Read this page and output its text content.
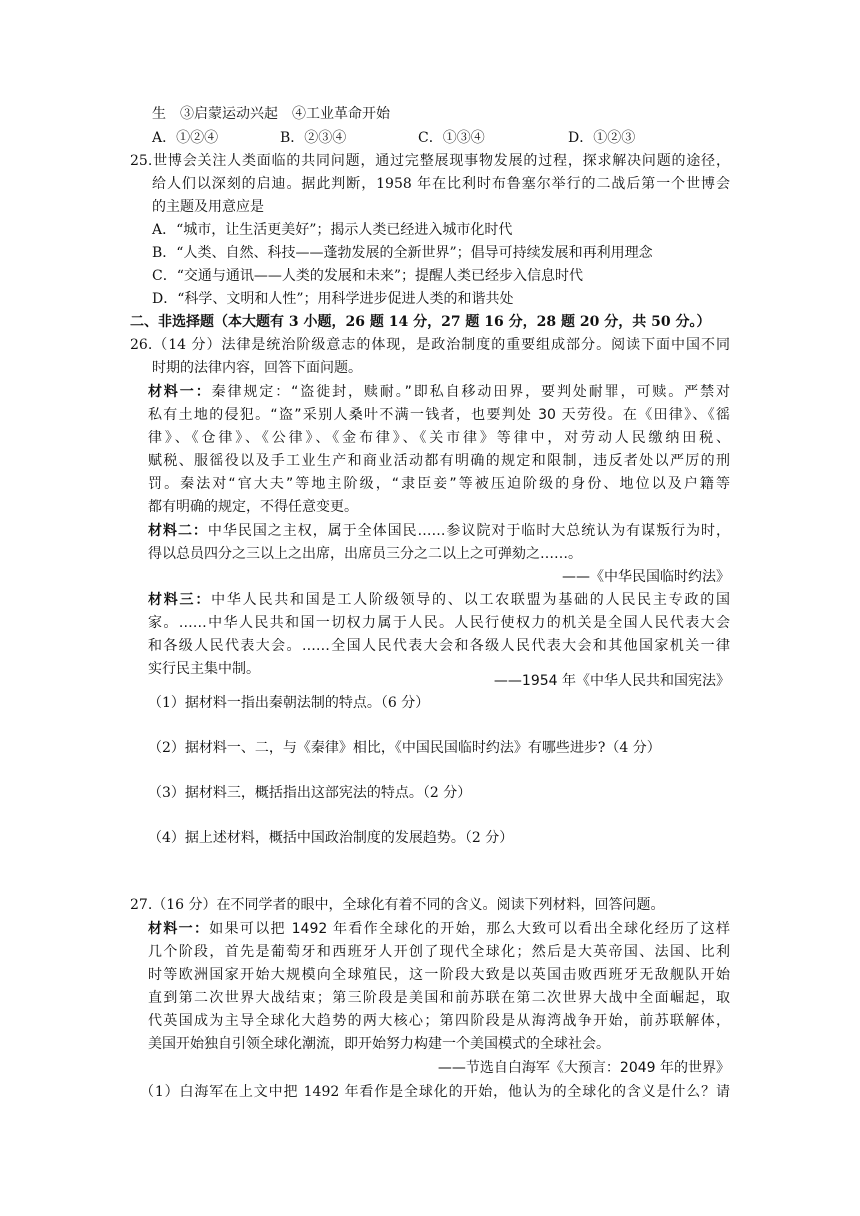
生　③启蒙运动兴起　④工业革命开始
A．①②④	B．②③④	C．①③④	D．①②③
25.世博会关注人类面临的共同问题，通过完整展现事物发展的过程，探求解决问题的途径，
给人们以深刻的启迪。据此判断，1958 年在比利时布鲁塞尔举行的二战后第一个世博会
的主题及用意应是
A．“城市，让生活更美好”；揭示人类已经进入城市化时代
B．“人类、自然、科技——蓬勃发展的全新世界”；倡导可持续发展和再利用理念
C．“交通与通讯——人类的发展和未来”；提醒人类已经步入信息时代
D．“科学、文明和人性”；用科学进步促进人类的和谐共处
二、非选择题（本大题有 3 小题，26 题 14 分，27 题 16 分，28 题 20 分，共 50 分。）
26.（14 分）法律是统治阶级意志的体现，是政治制度的重要组成部分。阅读下面中国不同
时期的法律内容，回答下面问题。
材料一：秦律规定：“盗徙封，赎耐。”即私自移动田界，要判处耐罪，可赎。严禁对
私有土地的侵犯。“盗”采别人桑叶不满一钱者，也要判处 30 天劳役。在《田律》、《徭
律》、《仓律》、《公律》、《金布律》、《关市律》等律中，对劳动人民缴纳田税、
赋税、服徭役以及手工业生产和商业活动都有明确的规定和限制，违反者处以严厉的刑
罚。秦法对“官大夫”等地主阶级，“隶臣妾”等被压迫阶级的身份、地位以及户籍等
都有明确的规定，不得任意变更。
材料二：中华民国之主权，属于全体国民……参议院对于临时大总统认为有谋叛行为时，
得以总员四分之三以上之出席，出席员三分之二以上之可弹劾之……。
——《中华民国临时约法》
材料三：中华人民共和国是工人阶级领导的、以工农联盟为基础的人民民主专政的国
家。……中华人民共和国一切权力属于人民。人民行使权力的机关是全国人民代表大会
和各级人民代表大会。……全国人民代表大会和各级人民代表大会和其他国家机关一律
实行民主集中制。
——1954 年《中华人民共和国宪法》
（1）据材料一指出秦朝法制的特点。（6 分）
（2）据材料一、二，与《秦律》相比，《中国民国临时约法》有哪些进步?（4 分）
（3）据材料三，概括指出这部宪法的特点。（2 分）
（4）据上述材料，概括中国政治制度的发展趋势。（2 分）
27.（16 分）在不同学者的眼中，全球化有着不同的含义。阅读下列材料，回答问题。
材料一：如果可以把 1492 年看作全球化的开始，那么大致可以看出全球化经历了这样
几个阶段，首先是葡萄牙和西班牙人开创了现代全球化；然后是大英帝国、法国、比利
时等欧洲国家开始大规模向全球殖民，这一阶段大致是以英国击败西班牙无敌舰队开始
直到第二次世界大战结束；第三阶段是美国和前苏联在第二次世界大战中全面崛起，取
代英国成为主导全球化大趋势的两大核心；第四阶段是从海湾战争开始，前苏联解体，
美国开始独自引领全球化潮流，即开始努力构建一个美国模式的全球社会。
——节选自白海军《大预言：2049 年的世界》
（1）白海军在上文中把 1492 年看作是全球化的开始，他认为的全球化的含义是什么？请
